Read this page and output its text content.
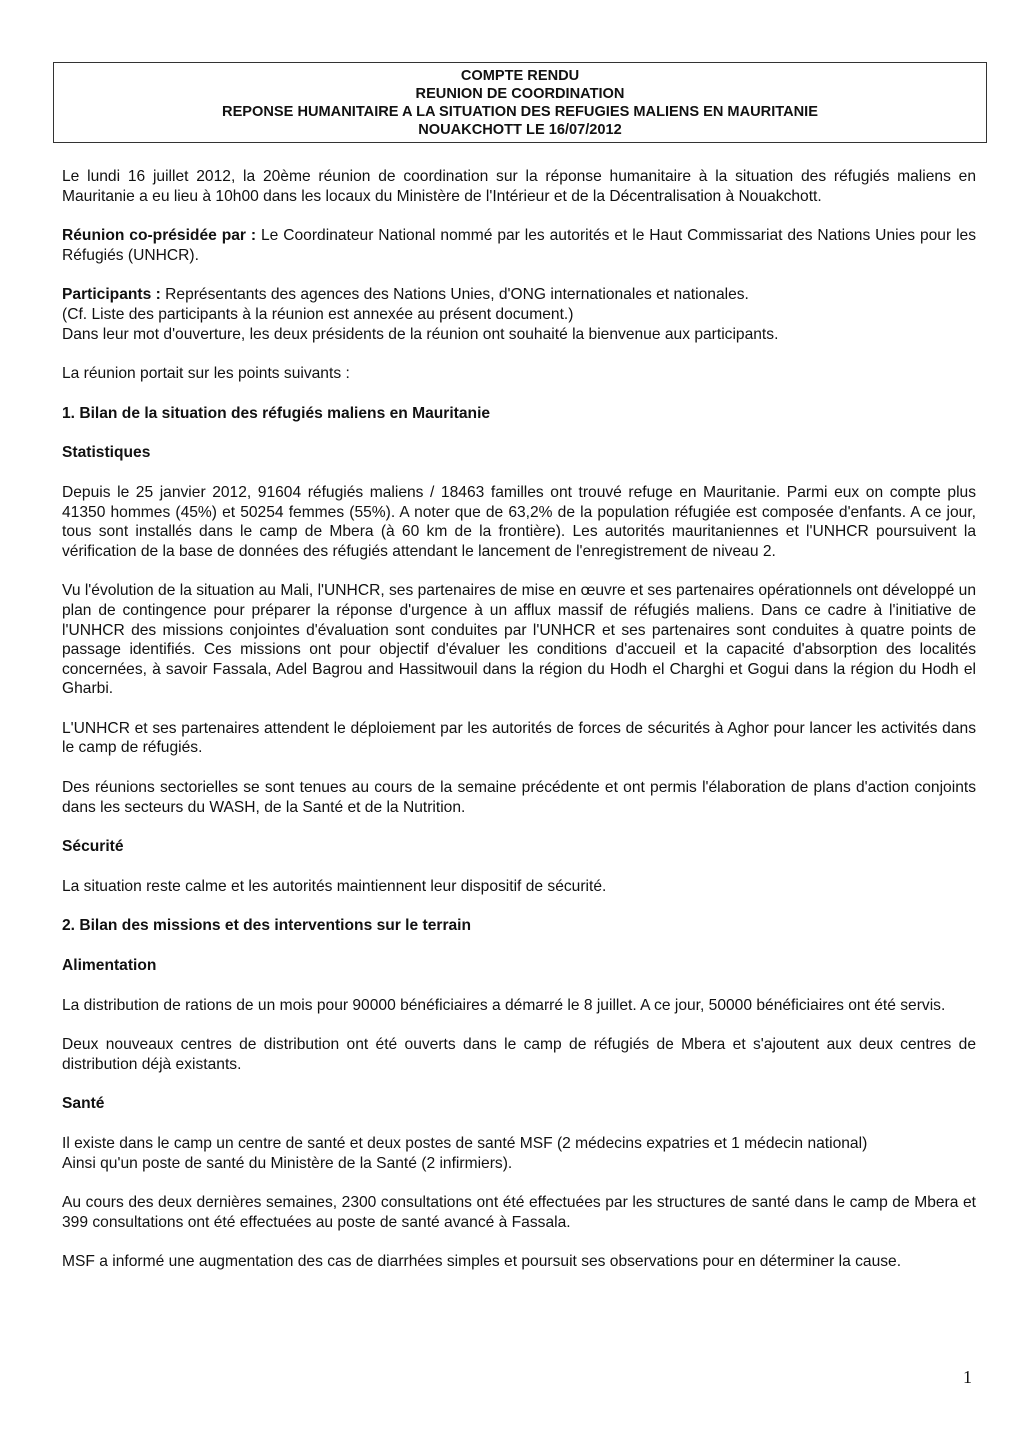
COMPTE RENDU
REUNION DE COORDINATION
REPONSE HUMANITAIRE A LA SITUATION DES REFUGIES MALIENS EN MAURITANIE
NOUAKCHOTT LE 16/07/2012

Le lundi 16 juillet 2012, la 20ème réunion de coordination sur la réponse humanitaire à la situation des réfugiés maliens en Mauritanie a eu lieu à 10h00 dans les locaux du Ministère de l'Intérieur et de la Décentralisation à Nouakchott.

Réunion co-présidée par : Le Coordinateur National nommé par les autorités et le Haut Commissariat des Nations Unies pour les Réfugiés (UNHCR).

Participants : Représentants des agences des Nations Unies, d'ONG internationales et nationales.
(Cf. Liste des participants à la réunion est annexée au présent document.)
Dans leur mot d'ouverture, les deux présidents de la réunion ont souhaité la bienvenue aux participants.

La réunion portait sur les points suivants :

1. Bilan de la situation des réfugiés maliens en Mauritanie
Statistiques

Depuis le 25 janvier 2012, 91604 réfugiés maliens / 18463 familles ont trouvé refuge en Mauritanie. Parmi eux on compte plus 41350 hommes (45%) et 50254 femmes (55%). A noter que de 63,2% de la population réfugiée est composée d'enfants. A ce jour, tous sont installés dans le camp de Mbera (à 60 km de la frontière). Les autorités mauritaniennes et l'UNHCR poursuivent la vérification de la base de données des réfugiés attendant le lancement de l'enregistrement de niveau 2.

Vu l'évolution de la situation au Mali, l'UNHCR, ses partenaires de mise en œuvre et ses partenaires opérationnels ont développé un plan de contingence pour préparer la réponse d'urgence à un afflux massif de réfugiés maliens. Dans ce cadre à l'initiative de l'UNHCR des missions conjointes d'évaluation sont conduites par l'UNHCR et ses partenaires sont conduites à quatre points de passage identifiés. Ces missions ont pour objectif d'évaluer les conditions d'accueil et la capacité d'absorption des localités concernées, à savoir Fassala, Adel Bagrou and Hassitwouil dans la région du Hodh el Charghi et Gogui dans la région du Hodh el Gharbi.

L'UNHCR et ses partenaires attendent le déploiement par les autorités de forces de sécurités à Aghor pour lancer les activités dans le camp de réfugiés.

Des réunions sectorielles se sont tenues au cours de la semaine précédente et ont permis l'élaboration de plans d'action conjoints dans les secteurs du WASH, de la Santé et de la Nutrition.

Sécurité

La situation reste calme et les autorités maintiennent leur dispositif de sécurité.

2. Bilan des missions et des interventions sur le terrain
Alimentation

La distribution de rations de un mois pour 90000 bénéficiaires a démarré le 8 juillet. A ce jour, 50000 bénéficiaires ont été servis.

Deux nouveaux centres de distribution ont été ouverts dans le camp de réfugiés de Mbera et s'ajoutent aux deux centres de distribution déjà existants.

Santé

Il existe dans le camp un centre de santé et deux postes de santé MSF (2 médecins expatries et 1 médecin national)
Ainsi qu'un poste de santé du Ministère de la Santé (2 infirmiers).

Au cours des deux dernières semaines, 2300 consultations ont été effectuées par les structures de santé dans le camp de Mbera et 399 consultations ont été effectuées au poste de santé avancé à Fassala.

MSF a informé une augmentation des cas de diarrhées simples et poursuit ses observations pour en déterminer la cause.

1
